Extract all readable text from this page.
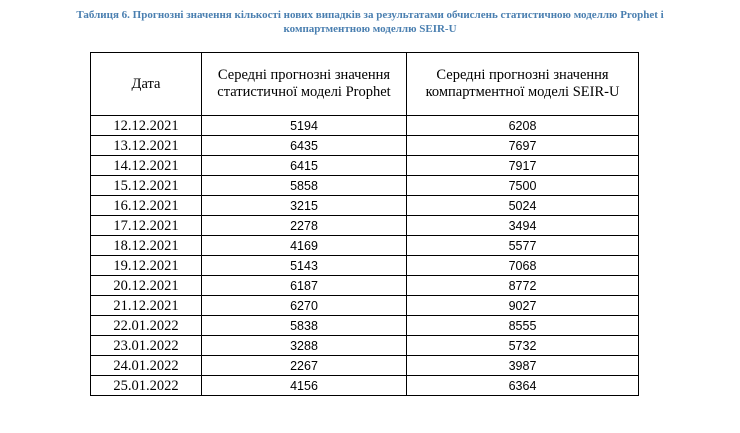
Таблиця 6. Прогнозні значення кількості нових випадків за результатами обчислень статистичною моделлю Prophet і
компартментною моделлю SEIR-U
Дата	Середні прогнозні значення статистичної моделі Prophet	Середні прогнозні значення компартментної моделі SEIR-U
12.12.2021	5194	6208
13.12.2021	6435	7697
14.12.2021	6415	7917
15.12.2021	5858	7500
16.12.2021	3215	5024
17.12.2021	2278	3494
18.12.2021	4169	5577
19.12.2021	5143	7068
20.12.2021	6187	8772
21.12.2021	6270	9027
22.01.2022	5838	8555
23.01.2022	3288	5732
24.01.2022	2267	3987
25.01.2022	4156	6364
